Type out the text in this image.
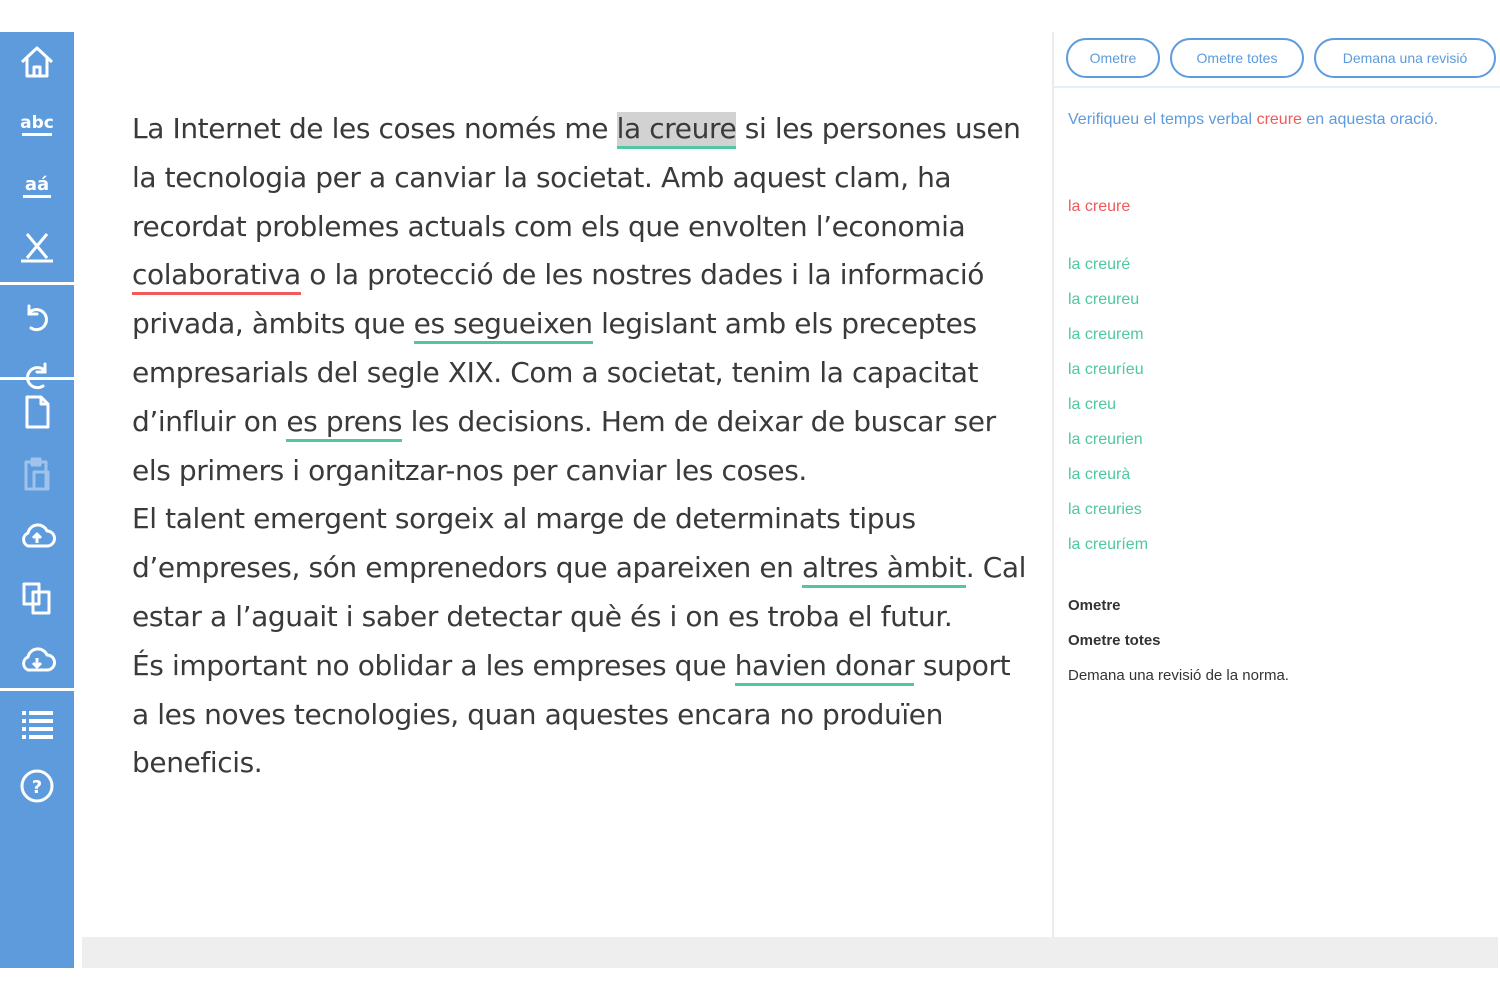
abc
aá
?

La Internet de les coses només me la creure si les persones usen la tecnologia per a canviar la societat. Amb aquest clam, ha recordat problemes actuals com els que envolten l’economia colaborativa o la protecció de les nostres dades i la informació privada, àmbits que es segueixen legislant amb els preceptes empresarials del segle XIX. Com a societat, tenim la capacitat d’influir on es prens les decisions. Hem de deixar de buscar ser els primers i organitzar-nos per canviar les coses.

El talent emergent sorgeix al marge de determinats tipus d’empreses, són emprenedors que apareixen en altres àmbit. Cal estar a l’aguait i saber detectar què és i on es troba el futur.

És important no oblidar a les empreses que havien donar suport a les noves tecnologies, quan aquestes encara no produïen beneficis.

Ometre	Ometre totes	Demana una revisió
Verifiqueu el temps verbal creure en aquesta oració.
la creure
la creuré
la creureu
la creurem
la creuríeu
la creu
la creurien
la creurà
la creuries
la creuríem
Ometre
Ometre totes
Demana una revisió de la norma.
